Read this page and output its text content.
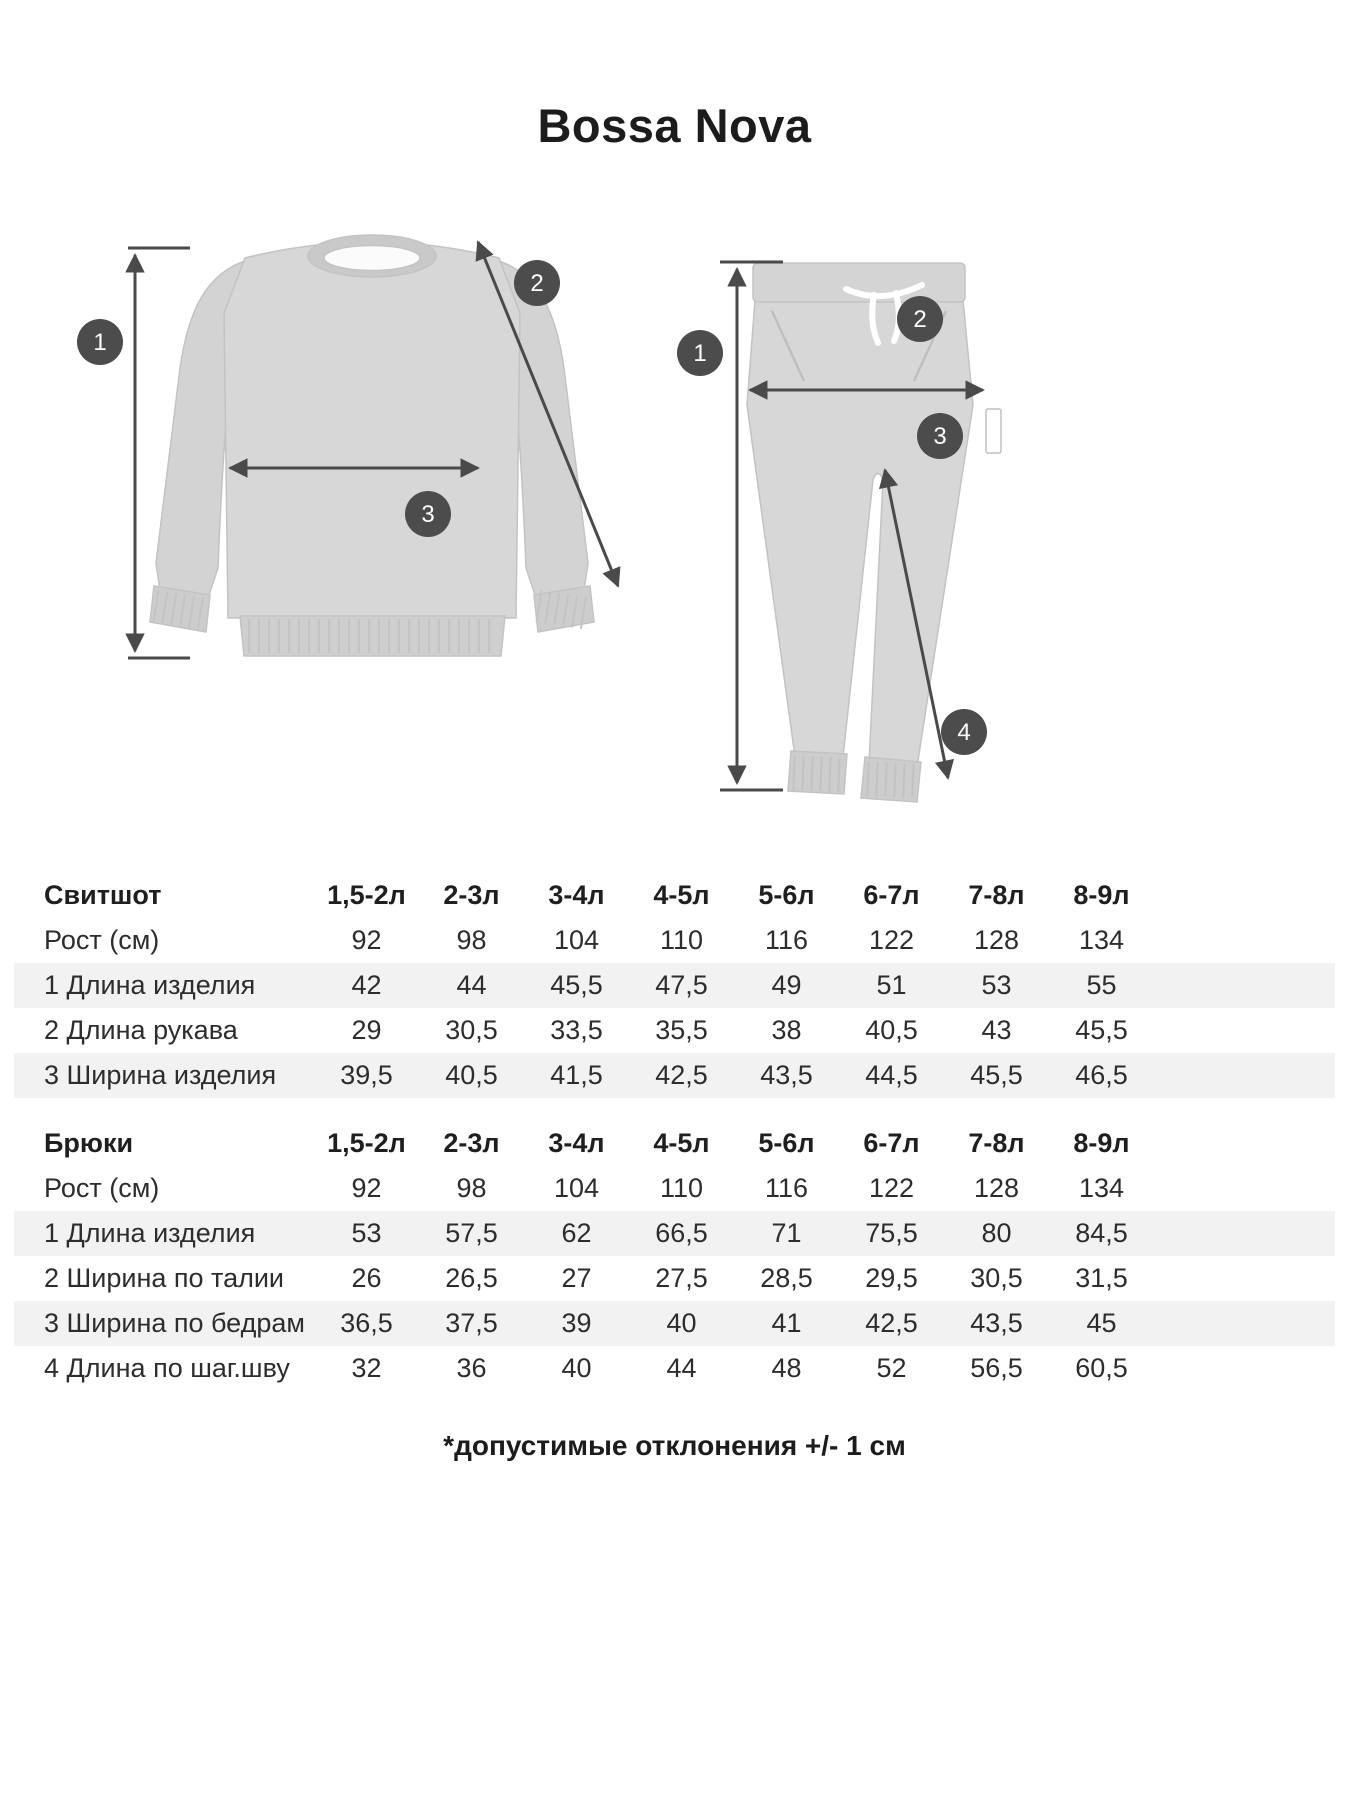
Bossa Nova
1
2
3
1
2
3
4
Свитшот	1,5-2л	2-3л	3-4л	4-5л	5-6л	6-7л	7-8л	8-9л
Рост (см)	92	98	104	110	116	122	128	134
1 Длина изделия	42	44	45,5	47,5	49	51	53	55
2 Длина рукава	29	30,5	33,5	35,5	38	40,5	43	45,5
3 Ширина изделия	39,5	40,5	41,5	42,5	43,5	44,5	45,5	46,5
Брюки	1,5-2л	2-3л	3-4л	4-5л	5-6л	6-7л	7-8л	8-9л
Рост (см)	92	98	104	110	116	122	128	134
1 Длина изделия	53	57,5	62	66,5	71	75,5	80	84,5
2 Ширина по талии	26	26,5	27	27,5	28,5	29,5	30,5	31,5
3 Ширина по бедрам	36,5	37,5	39	40	41	42,5	43,5	45
4 Длина по шаг.шву	32	36	40	44	48	52	56,5	60,5
*допустимые отклонения +/- 1 см
